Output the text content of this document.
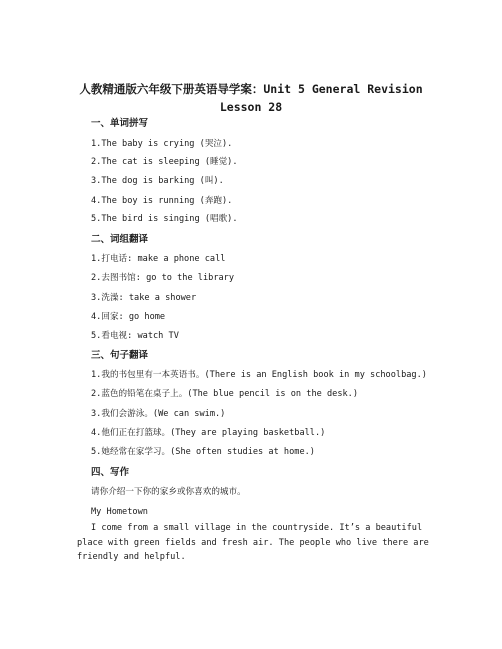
人教精通版六年级下册英语导学案：Unit 5 General Revision
Lesson 28
一、单词拼写
1.The baby is crying (哭泣).
2.The cat is sleeping (睡觉).
3.The dog is barking (叫).
4.The boy is running (奔跑).
5.The bird is singing (唱歌).
二、词组翻译
1.打电话: make a phone call
2.去图书馆: go to the library
3.洗澡: take a shower
4.回家: go home
5.看电视: watch TV
三、句子翻译
1.我的书包里有一本英语书。(There is an English book in my schoolbag.)
2.蓝色的铅笔在桌子上。(The blue pencil is on the desk.)
3.我们会游泳。(We can swim.)
4.他们正在打篮球。(They are playing basketball.)
5.她经常在家学习。(She often studies at home.)
四、写作
请你介绍一下你的家乡或你喜欢的城市。
My Hometown
I come from a small village in the countryside. It’s a beautiful place with green fields and fresh air. The people who live there are friendly and helpful.
